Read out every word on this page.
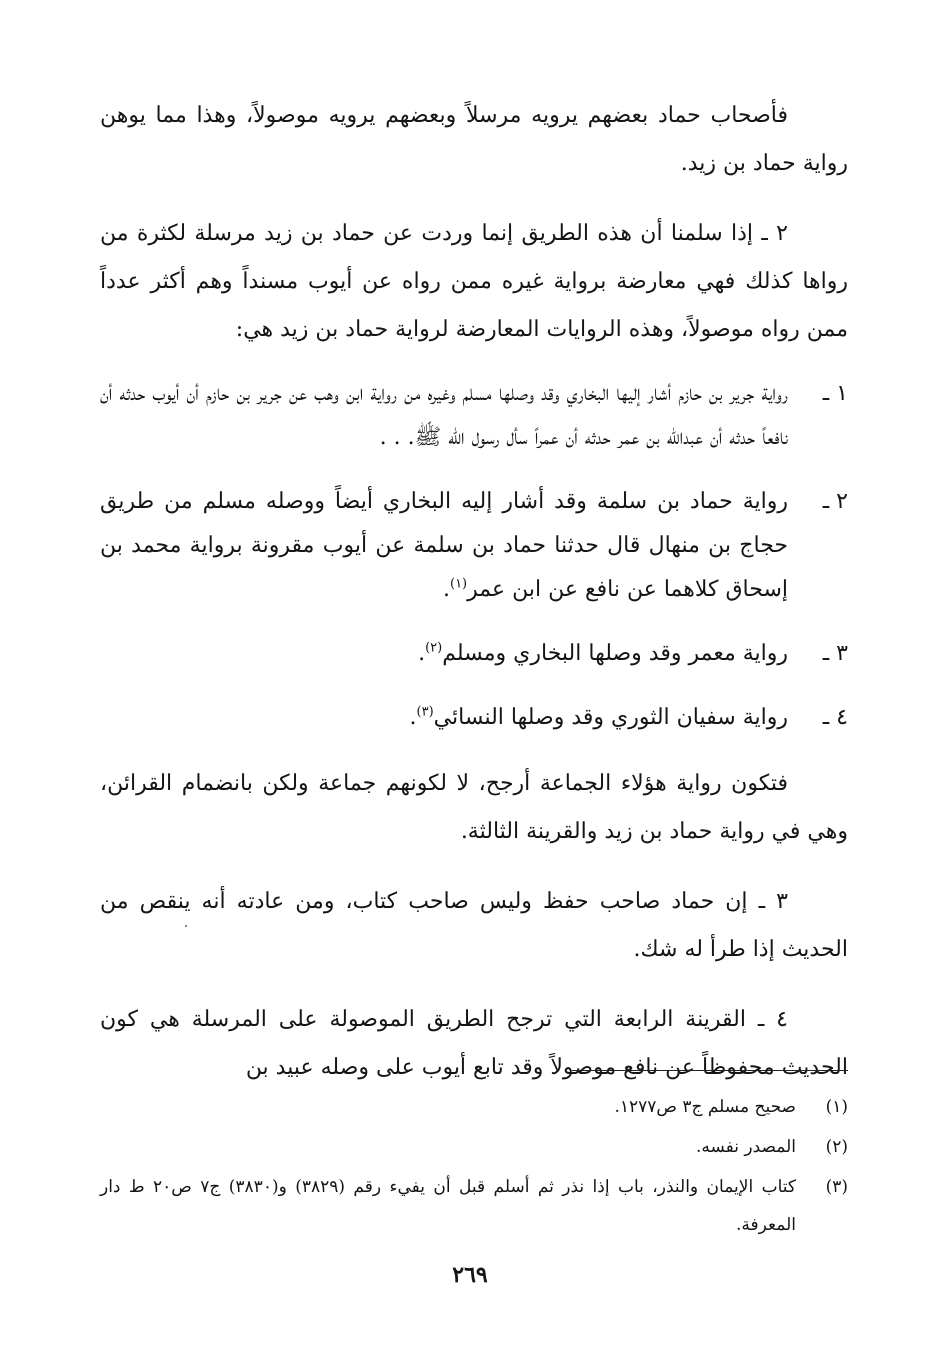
فأصحاب حماد بعضهم يرويه مرسلاً وبعضهم يرويه موصولاً، وهذا مما يوهن رواية حماد بن زيد.

٢ ـ إذا سلمنا أن هذه الطريق إنما وردت عن حماد بن زيد مرسلة لكثرة من رواها كذلك فهي معارضة برواية غيره ممن رواه عن أيوب مسنداً وهم أكثر عدداً ممن رواه موصولاً، وهذه الروايات المعارضة لرواية حماد بن زيد هي:

١ ـ
رواية جرير بن حازم أشار إليها البخاري وقد وصلها مسلم وغيره من رواية ابن وهب عن جرير بن حازم أن أيوب حدثه أن نافعاً حدثه أن عبدالله بن عمر حدثه أن عمراً سأل رسول الله ﷺ. . .
٢ ـ
رواية حماد بن سلمة وقد أشار إليه البخاري أيضاً ووصله مسلم من طريق حجاج بن منهال قال حدثنا حماد بن سلمة عن أيوب مقرونة برواية محمد بن إسحاق كلاهما عن نافع عن ابن عمر$^{(١)}$.
٣ ـ
رواية معمر وقد وصلها البخاري ومسلم$^{(٢)}$.
٤ ـ
رواية سفيان الثوري وقد وصلها النسائي$^{(٣)}$.

فتكون رواية هؤلاء الجماعة أرجح، لا لكونهم جماعة ولكن بانضمام القرائن، وهي في رواية حماد بن زيد والقرينة الثالثة.

٣ ـ إن حماد صاحب حفظ وليس صاحب كتاب، ومن عادته أنه ينقص من الحديث إذا طرأ له شك.

٤ ـ القرينة الرابعة التي ترجح الطريق الموصولة على المرسلة هي كون الحديث محفوظاً عن نافع موصولاً وقد تابع أيوب على وصله عبيد بن

(١)
صحيح مسلم ج٣ ص١٢٧٧.
(٢)
المصدر نفسه.
(٣)
كتاب الإيمان والنذر، باب إذا نذر ثم أسلم قبل أن يفيء رقم (٣٨٢٩) و(٣٨٣٠) ج٧ ص٢٠ ط دار المعرفة.
٢٦٩
